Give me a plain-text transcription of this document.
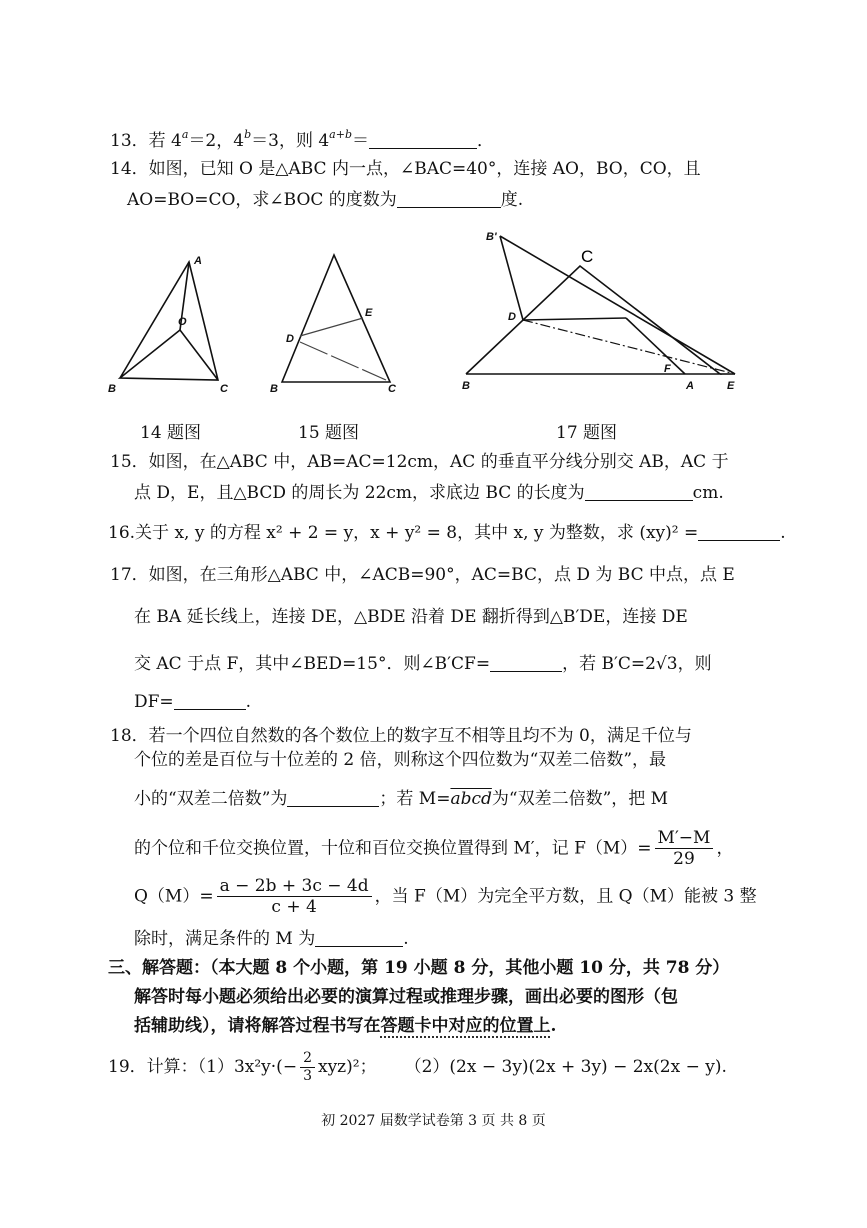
13．若 $4^a=2$，$4^b=3$，则 $4^{a+b}=$	．
14．如图，已知 O 是△ABC 内一点，∠BAC=40°，连接 AO，BO，CO，且
AO=BO=CO，求∠BOC 的度数为	度.
A
O
B	C
D
E
B	C
B'
C
D
B
F
A	E
14 题图	15 题图	17 题图
15．如图，在△ABC 中，AB=AC=12cm，AC 的垂直平分线分别交 AB，AC 于
点 D，E，且△BCD 的周长为 22cm，求底边 BC 的长度为	cm.
16.关于 x, y 的方程 x² + 2 = y，x + y² = 8，其中 x, y 为整数，求 (xy)² =	.
17．如图，在三角形△ABC 中，∠ACB=90°，AC=BC，点 D 为 BC 中点，点 E
在 BA 延长线上，连接 DE，△BDE 沿着 DE 翻折得到△B′DE，连接 DE
交 AC 于点 F，其中∠BED=15°．则∠B′CF=	，若 B′C=2√3，则
DF=	.
18．若一个四位自然数的各个数位上的数字互不相等且均不为 0，满足千位与
个位的差是百位与十位差的 2 倍，则称这个四位数为“双差二倍数”，最
小的“双差二倍数”为	；若 M=abcd为“双差二倍数”，把 M
的个位和千位交换位置，十位和百位交换位置得到 M′，记 $F(M)= \frac{M'-M}{29}$ ，
$Q(M)= \frac{a - 2b + 3c - 4d}{c + 4}$ ，当 F（M）为完全平方数，且 Q（M）能被 3 整
除时，满足条件的 M 为	.
三、解答题：（本大题 8 个小题，第 19 小题 8 分，其他小题 10 分，共 78 分）
解答时每小题必须给出必要的演算过程或推理步骤，画出必要的图形（包
括辅助线），请将解答过程书写在答题卡中对应的位置上.
19．计算：$(1)3x^2y\cdot(- \frac{2}{3} xyz)^2$； （2）(2x − 3y)(2x + 3y) − 2x(2x − y).
初 2027 届数学试卷第 3 页 共 8 页
